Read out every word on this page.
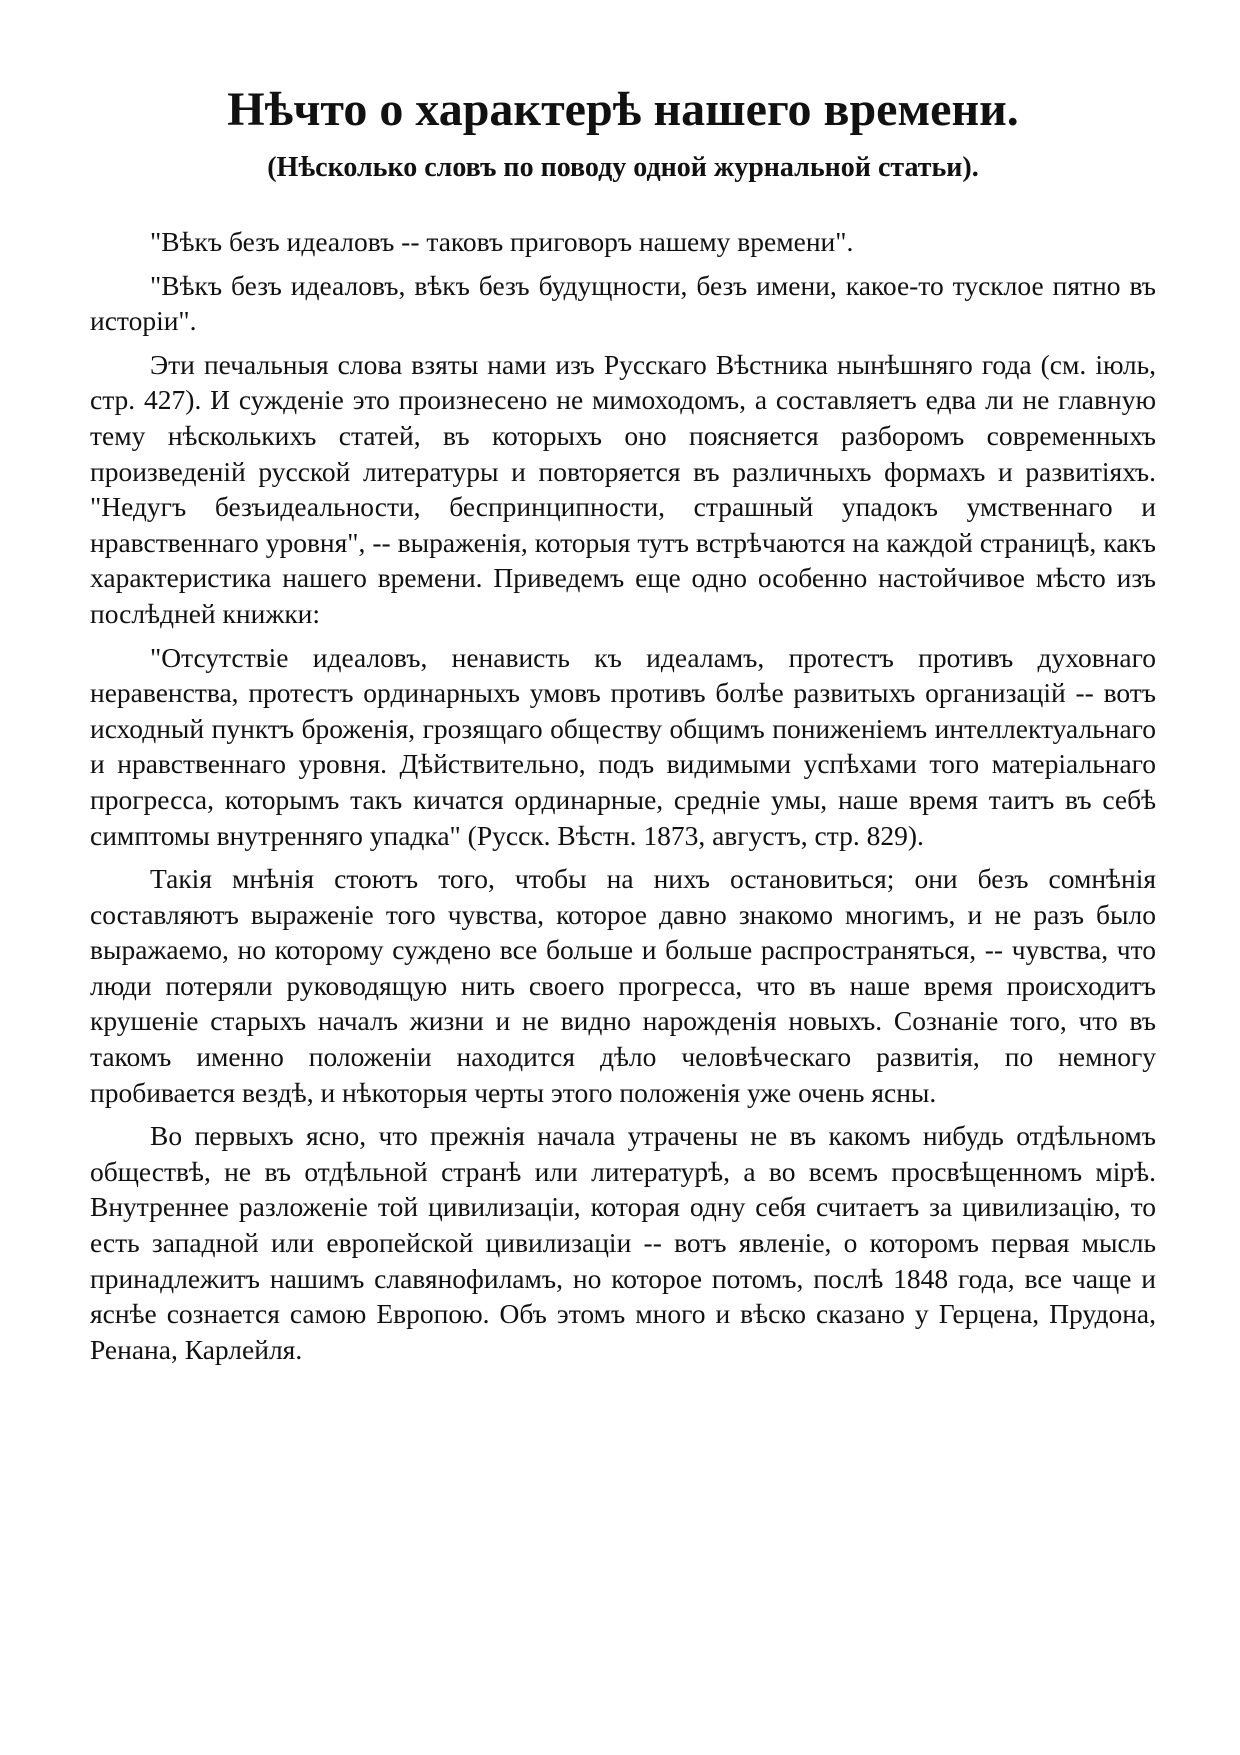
Нѣчто о характерѣ нашего времени.
(Нѣсколько словъ по поводу одной журнальной статьи).

"Вѣкъ безъ идеаловъ -- таковъ приговоръ нашему времени".

"Вѣкъ безъ идеаловъ, вѣкъ безъ будущности, безъ имени, какое-то тусклое пятно въ исторіи".

Эти печальныя слова взяты нами изъ Русскаго Вѣстника нынѣшняго года (см. іюль, стр. 427). И сужденіе это произнесено не мимоходомъ, а составляетъ едва ли не главную тему нѣсколькихъ статей, въ которыхъ оно поясняется разборомъ современныхъ произведеній русской литературы и повторяется въ различныхъ формахъ и развитіяхъ. "Недугъ безъидеальности, беспринципности, страшный упадокъ умственнаго и нравственнаго уровня", -- выраженія, которыя тутъ встрѣчаются на каждой страницѣ, какъ характеристика нашего времени. Приведемъ еще одно особенно настойчивое мѣсто изъ послѣдней книжки:

"Отсутствіе идеаловъ, ненависть къ идеаламъ, протестъ противъ духовнаго неравенства, протестъ ординарныхъ умовъ противъ болѣе развитыхъ организацій -- вотъ исходный пунктъ броженія, грозящаго обществу общимъ пониженіемъ интеллектуальнаго и нравственнаго уровня. Дѣйствительно, подъ видимыми успѣхами того матеріальнаго прогресса, которымъ такъ кичатся ординарные, средніе умы, наше время таитъ въ себѣ симптомы внутренняго упадка" (Русск. Вѣстн. 1873, августъ, стр. 829).

Такія мнѣнія стоютъ того, чтобы на нихъ остановиться; они безъ сомнѣнія составляютъ выраженіе того чувства, которое давно знакомо многимъ, и не разъ было выражаемо, но которому суждено все больше и больше распространяться, -- чувства, что люди потеряли руководящую нить своего прогресса, что въ наше время происходитъ крушеніе старыхъ началъ жизни и не видно нарожденія новыхъ. Сознаніе того, что въ такомъ именно положеніи находится дѣло человѣческаго развитія, по немногу пробивается вездѣ, и нѣкоторыя черты этого положенія уже очень ясны.

Во первыхъ ясно, что прежнія начала утрачены не въ какомъ нибудь отдѣльномъ обществѣ, не въ отдѣльной странѣ или литературѣ, а во всемъ просвѣщенномъ мірѣ. Внутреннее разложеніе той цивилизаціи, которая одну себя считаетъ за цивилизацію, то есть западной или европейской цивилизаціи -- вотъ явленіе, о которомъ первая мысль принадлежитъ нашимъ славянофиламъ, но которое потомъ, послѣ 1848 года, все чаще и яснѣе сознается самою Европою. Объ этомъ много и вѣско сказано у Герцена, Прудона, Ренана, Карлейля.
